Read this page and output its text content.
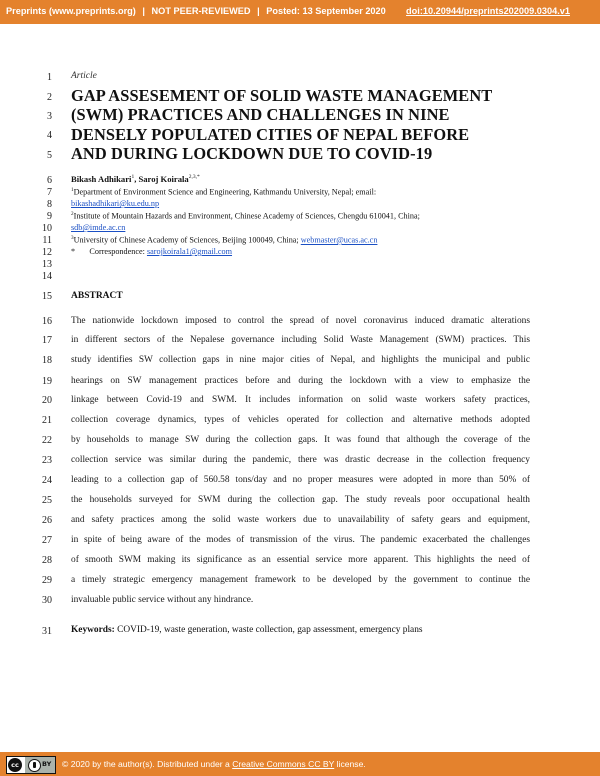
Preprints (www.preprints.org) | NOT PEER-REVIEWED | Posted: 13 September 2020 doi:10.20944/preprints202009.0304.v1
1
2
3
4
5
6
7
8
9
10
11
12
13
14
15
16
17
18
19
20
21
22
23
24
25
26
27
28
29
30
31
Article
GAP ASSESEMENT OF SOLID WASTE MANAGEMENT
(SWM) PRACTICES AND CHALLENGES IN NINE
DENSELY POPULATED CITIES OF NEPAL BEFORE
AND DURING LOCKDOWN DUE TO COVID-19
Bikash Adhikari$^1$, Saroj Koirala$^{2,3,*}$
$^1$Department of Environment Science and Engineering, Kathmandu University, Nepal; email:
bikashadhikari@ku.edu.np
$^2$Institute of Mountain Hazards and Environment, Chinese Academy of Sciences, Chengdu 610041, China;
sdb@imde.ac.cn
$^3$University of Chinese Academy of Sciences, Beijing 100049, China; webmaster@ucas.ac.cn
* Correspondence: sarojkoirala1@gmail.com
ABSTRACT
The nationwide lockdown imposed to control the spread of novel coronavirus induced dramatic alterations
in different sectors of the Nepalese governance including Solid Waste Management (SWM) practices. This
study identifies SW collection gaps in nine major cities of Nepal, and highlights the municipal and public
hearings on SW management practices before and during the lockdown with a view to emphasize the
linkage between Covid-19 and SWM. It includes information on solid waste workers safety practices,
collection coverage dynamics, types of vehicles operated for collection and alternative methods adopted
by households to manage SW during the collection gaps. It was found that although the coverage of the
collection service was similar during the pandemic, there was drastic decrease in the collection frequency
leading to a collection gap of 560.58 tons/day and no proper measures were adopted in more than 50% of
the households surveyed for SWM during the collection gap. The study reveals poor occupational health
and safety practices among the solid waste workers due to unavailability of safety gears and equipment,
in spite of being aware of the modes of transmission of the virus. The pandemic exacerbated the challenges
of smooth SWM making its significance as an essential service more apparent. This highlights the need of
a timely strategic emergency management framework to be developed by the government to continue the
invaluable public service without any hindrance.
Keywords: COVID-19, waste generation, waste collection, gap assessment, emergency plans
cc	BY © 2020 by the author(s). Distributed under a Creative Commons CC BY license.
